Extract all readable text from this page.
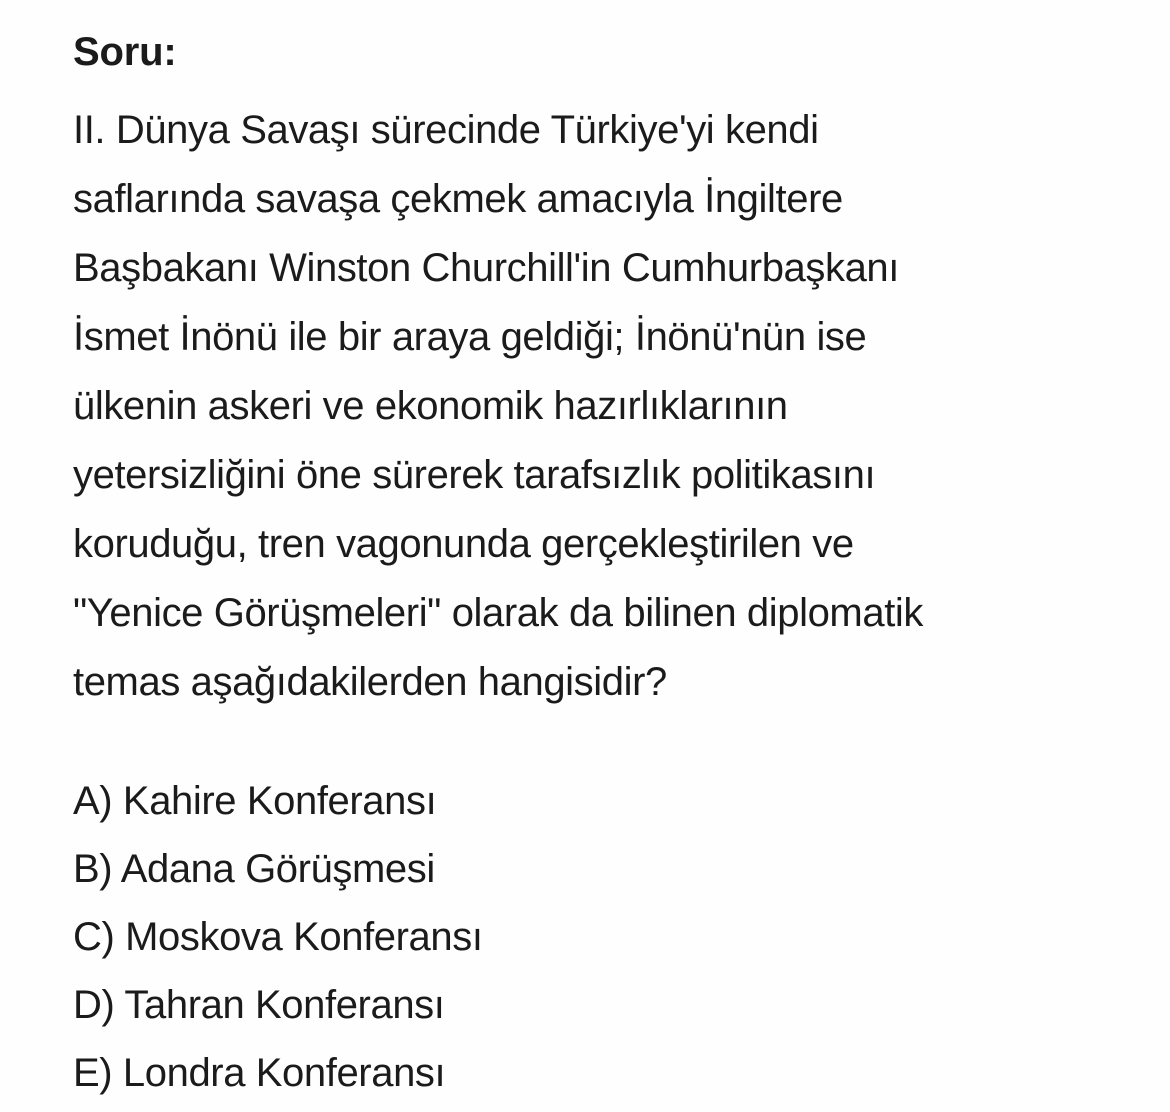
Soru:
II. Dünya Savaşı sürecinde Türkiye'yi kendi
saflarında savaşa çekmek amacıyla İngiltere
Başbakanı Winston Churchill'in Cumhurbaşkanı
İsmet İnönü ile bir araya geldiği; İnönü'nün ise
ülkenin askeri ve ekonomik hazırlıklarının
yetersizliğini öne sürerek tarafsızlık politikasını
koruduğu, tren vagonunda gerçekleştirilen ve
"Yenice Görüşmeleri" olarak da bilinen diplomatik
temas aşağıdakilerden hangisidir?
A) Kahire Konferansı
B) Adana Görüşmesi
C) Moskova Konferansı
D) Tahran Konferansı
E) Londra Konferansı
